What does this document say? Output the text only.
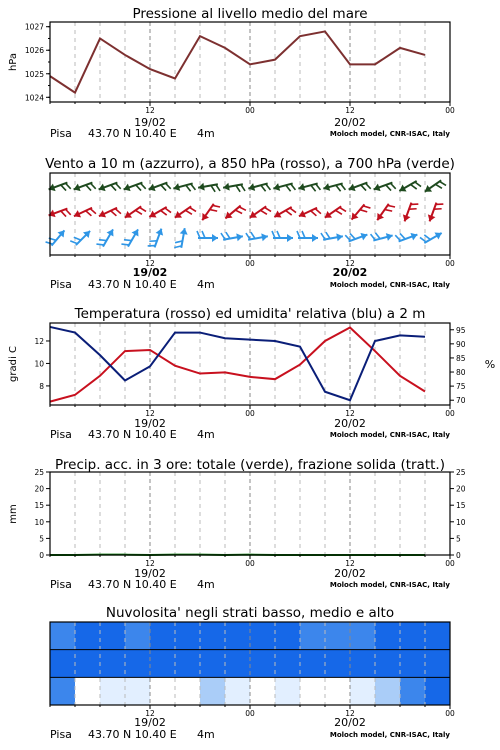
Pressione al livello medio del mare
1024
1025
1026
1027
hPa
12	00	12	00
19/02	20/02
Pisa 43.70 N 10.40 E 4m	Moloch model, CNR-ISAC, Italy
Vento a 10 m (azzurro), a 850 hPa (rosso), a 700 hPa (verde)
12	00	12	00
19/02	20/02
Pisa 43.70 N 10.40 E 4m	Moloch model, CNR-ISAC, Italy
Temperatura (rosso) ed umidita' relativa (blu) a 2 m
8
10
12
70
75
80
85
90
95
gradi C	%
12	00	12	00
19/02	20/02
Pisa 43.70 N 10.40 E 4m	Moloch model, CNR-ISAC, Italy
Precip. acc. in 3 ore: totale (verde), frazione solida (tratt.)
0	0
5	5
10	10
15	15
20	20
25	25
mm
12	00	12	00
19/02	20/02
Pisa 43.70 N 10.40 E 4m	Moloch model, CNR-ISAC, Italy
Nuvolosita' negli strati basso, medio e alto
12	00	12	00
19/02	20/02
Pisa 43.70 N 10.40 E 4m	Moloch model, CNR-ISAC, Italy
